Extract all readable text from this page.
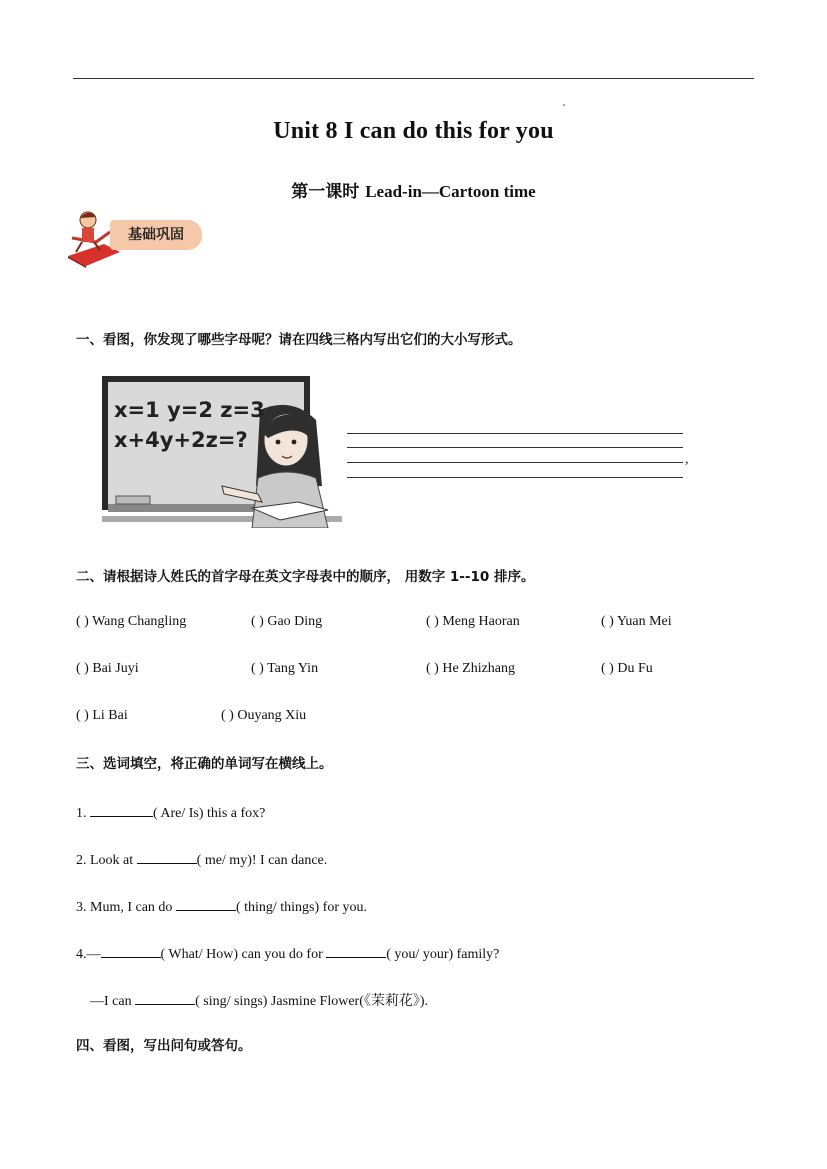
Unit 8 I can do this for you
第一课时 Lead-in—Cartoon time
基础巩固
一、看图，你发现了哪些字母呢？请在四线三格内写出它们的大小写形式。
x=1 y=2 z=3
x+4y+2z=?
,
二、请根据诗人姓氏的首字母在英文字母表中的顺序， 用数字 1--10 排序。
( ) Wang Changling	( ) Gao Ding	( ) Meng Haoran	( ) Yuan Mei
( ) Bai Juyi	( ) Tang Yin	( ) He Zhizhang	( ) Du Fu
( ) Li Bai	( ) Ouyang Xiu
三、选词填空，将正确的单词写在横线上。
1.	( Are/ Is) this a fox?
2. Look at	( me/ my)! I can dance.
3. Mum, I can do	( thing/ things) for you.
4.—	( What/ How) can you do for	( you/ your) family?
—I can	( sing/ sings) Jasmine Flower(《茉莉花》).
四、看图，写出问句或答句。
